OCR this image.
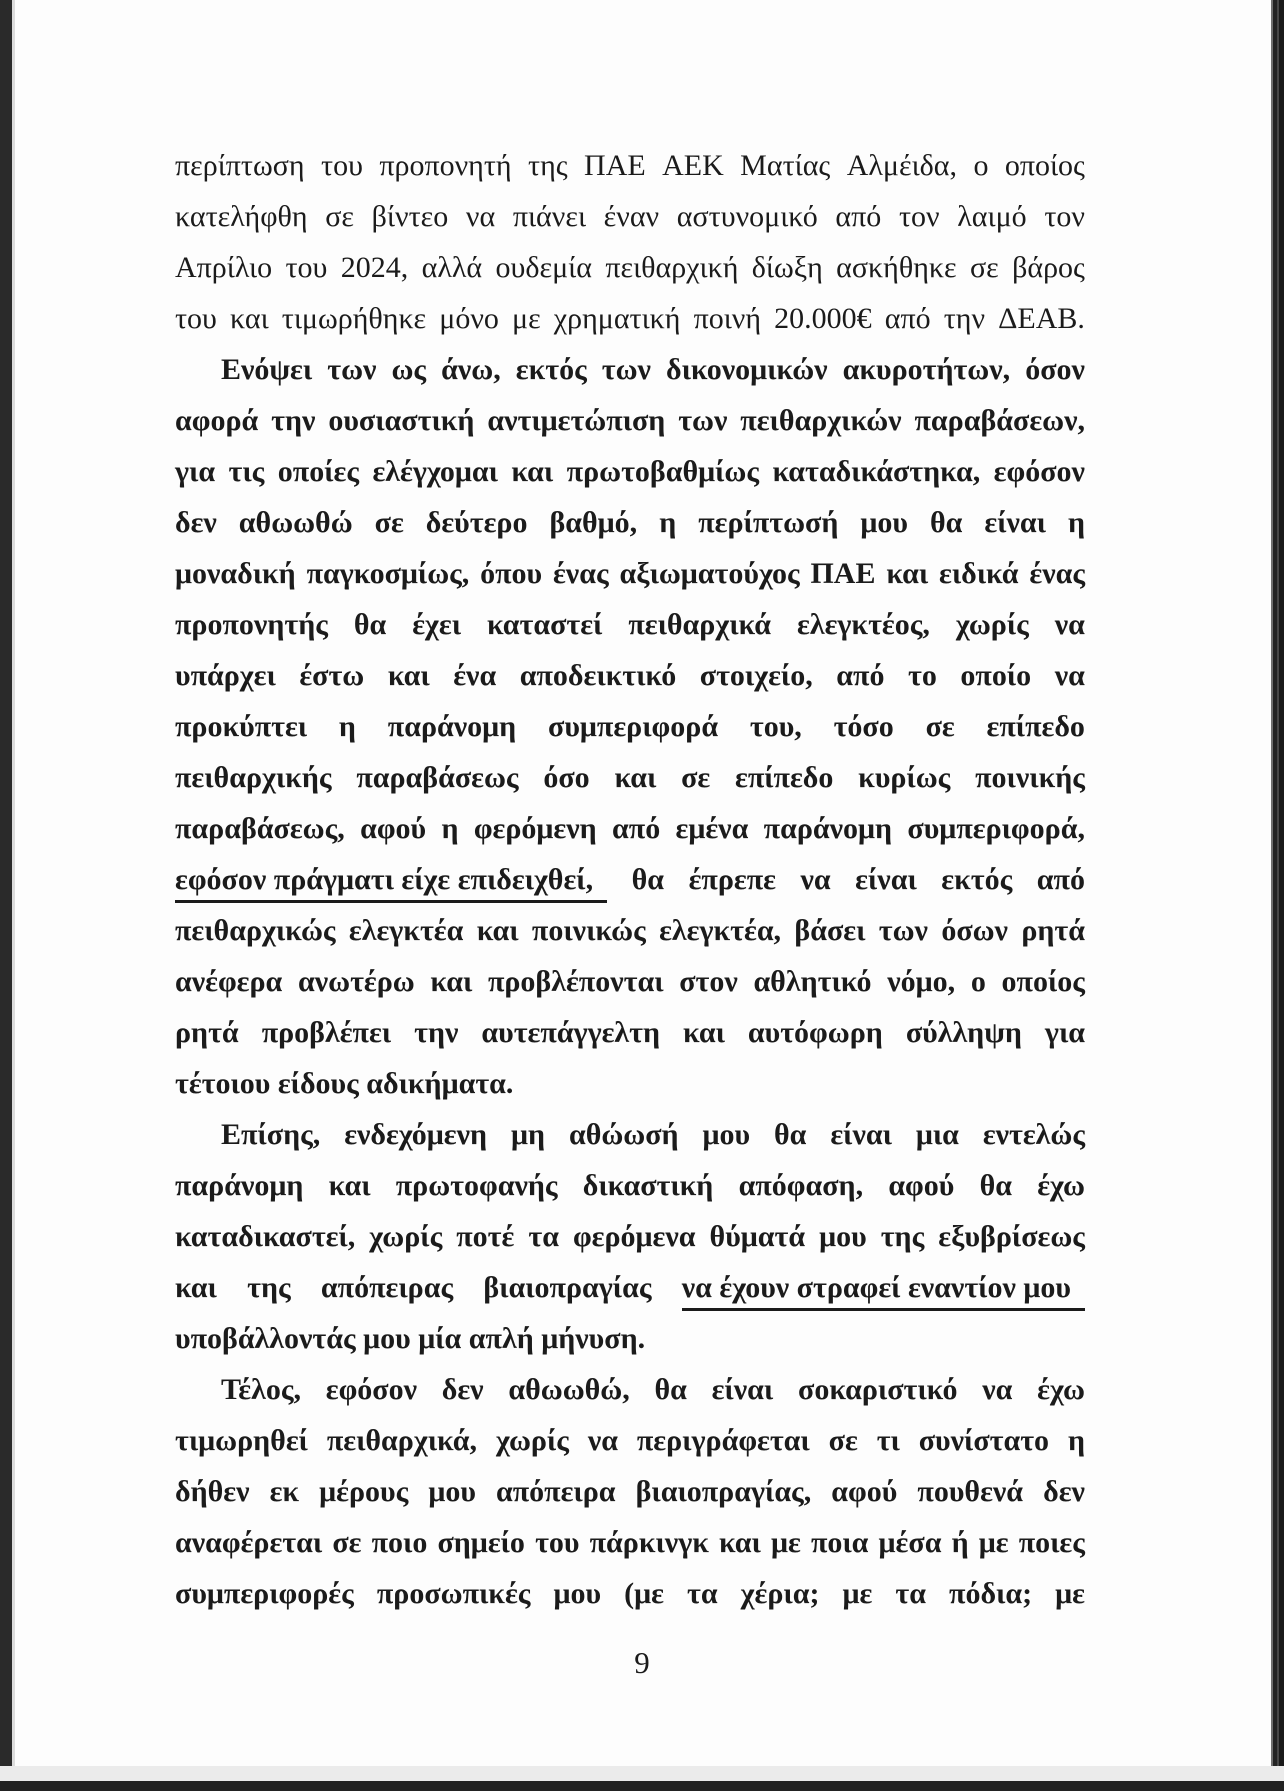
περίπτωση του προπονητή της ΠΑΕ ΑΕΚ Ματίας Αλμέιδα, ο οποίος
κατελήφθη σε βίντεο να πιάνει έναν αστυνομικό από τον λαιμό τον
Απρίλιο του 2024, αλλά ουδεμία πειθαρχική δίωξη ασκήθηκε σε βάρος
του και τιμωρήθηκε μόνο με χρηματική ποινή 20.000€ από την ΔΕΑΒ.
Ενόψει των ως άνω, εκτός των δικονομικών ακυροτήτων, όσον
αφορά την ουσιαστική αντιμετώπιση των πειθαρχικών παραβάσεων,
για τις οποίες ελέγχομαι και πρωτοβαθμίως καταδικάστηκα, εφόσον
δεν αθωωθώ σε δεύτερο βαθμό, η περίπτωσή μου θα είναι η
μοναδική παγκοσμίως, όπου ένας αξιωματούχος ΠΑΕ και ειδικά ένας
προπονητής θα έχει καταστεί πειθαρχικά ελεγκτέος, χωρίς να
υπάρχει έστω και ένα αποδεικτικό στοιχείο, από το οποίο να
προκύπτει η παράνομη συμπεριφορά του, τόσο σε επίπεδο
πειθαρχικής παραβάσεως όσο και σε επίπεδο κυρίως ποινικής
παραβάσεως, αφού η φερόμενη από εμένα παράνομη συμπεριφορά,
εφόσον πράγματι είχε επιδειχθεί,	θα έπρεπε να είναι εκτός από
πειθαρχικώς ελεγκτέα και ποινικώς ελεγκτέα, βάσει των όσων ρητά
ανέφερα ανωτέρω και προβλέπονται στον αθλητικό νόμο, ο οποίος
ρητά προβλέπει την αυτεπάγγελτη και αυτόφωρη σύλληψη για
τέτοιου είδους αδικήματα.
Επίσης, ενδεχόμενη μη αθώωσή μου θα είναι μια εντελώς
παράνομη και πρωτοφανής δικαστική απόφαση, αφού θα έχω
καταδικαστεί, χωρίς ποτέ τα φερόμενα θύματά μου της εξυβρίσεως
και της απόπειρας βιαιοπραγίας να έχουν στραφεί εναντίον μου
υποβάλλοντάς μου μία απλή μήνυση.
Τέλος, εφόσον δεν αθωωθώ, θα είναι σοκαριστικό να έχω
τιμωρηθεί πειθαρχικά, χωρίς να περιγράφεται σε τι συνίστατο η
δήθεν εκ μέρους μου απόπειρα βιαιοπραγίας, αφού πουθενά δεν
αναφέρεται σε ποιο σημείο του πάρκινγκ και με ποια μέσα ή με ποιες
συμπεριφορές προσωπικές μου (με τα χέρια; με τα πόδια; με
9
